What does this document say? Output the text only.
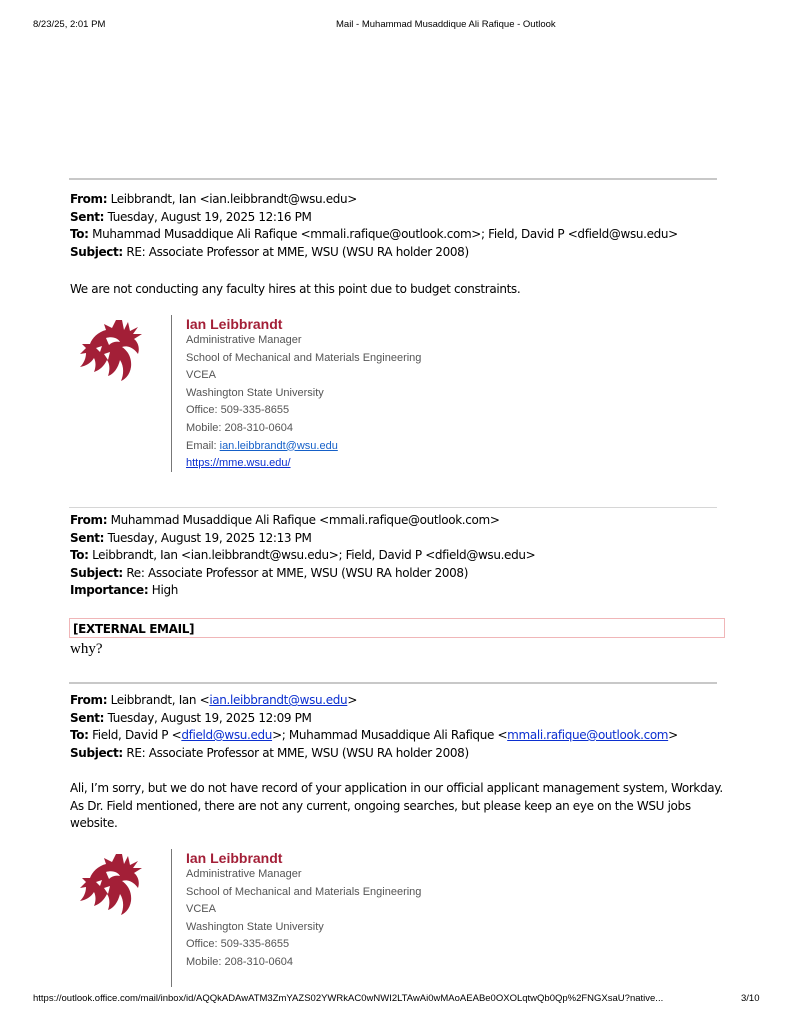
8/23/25, 2:01 PM	Mail - Muhammad Musaddique Ali Rafique - Outlook
From: Leibbrandt, Ian <ian.leibbrandt@wsu.edu>
Sent: Tuesday, August 19, 2025 12:16 PM
To: Muhammad Musaddique Ali Rafique <mmali.rafique@outlook.com>; Field, David P <dfield@wsu.edu>
Subject: RE: Associate Professor at MME, WSU (WSU RA holder 2008)
We are not conducting any faculty hires at this point due to budget constraints.
Ian Leibbrandt
Administrative Manager
School of Mechanical and Materials Engineering
VCEA
Washington State University
Office: 509-335-8655
Mobile: 208-310-0604
Email: ian.leibbrandt@wsu.edu
https://mme.wsu.edu/
From: Muhammad Musaddique Ali Rafique <mmali.rafique@outlook.com>
Sent: Tuesday, August 19, 2025 12:13 PM
To: Leibbrandt, Ian <ian.leibbrandt@wsu.edu>; Field, David P <dfield@wsu.edu>
Subject: Re: Associate Professor at MME, WSU (WSU RA holder 2008)
Importance: High
[EXTERNAL EMAIL]
why?
From: Leibbrandt, Ian <ian.leibbrandt@wsu.edu>
Sent: Tuesday, August 19, 2025 12:09 PM
To: Field, David P <dfield@wsu.edu>; Muhammad Musaddique Ali Rafique <mmali.rafique@outlook.com>
Subject: RE: Associate Professor at MME, WSU (WSU RA holder 2008)
Ali, I’m sorry, but we do not have record of your application in our official applicant management system, Workday. As Dr. Field mentioned, there are not any current, ongoing searches, but please keep an eye on the WSU jobs website.
Ian Leibbrandt
Administrative Manager
School of Mechanical and Materials Engineering
VCEA
Washington State University
Office: 509-335-8655
Mobile: 208-310-0604
https://outlook.office.com/mail/inbox/id/AQQkADAwATM3ZmYAZS02YWRkAC0wNWI2LTAwAi0wMAoAEABe0OXOLqtwQb0Qp%2FNGXsaU?native...	3/10
